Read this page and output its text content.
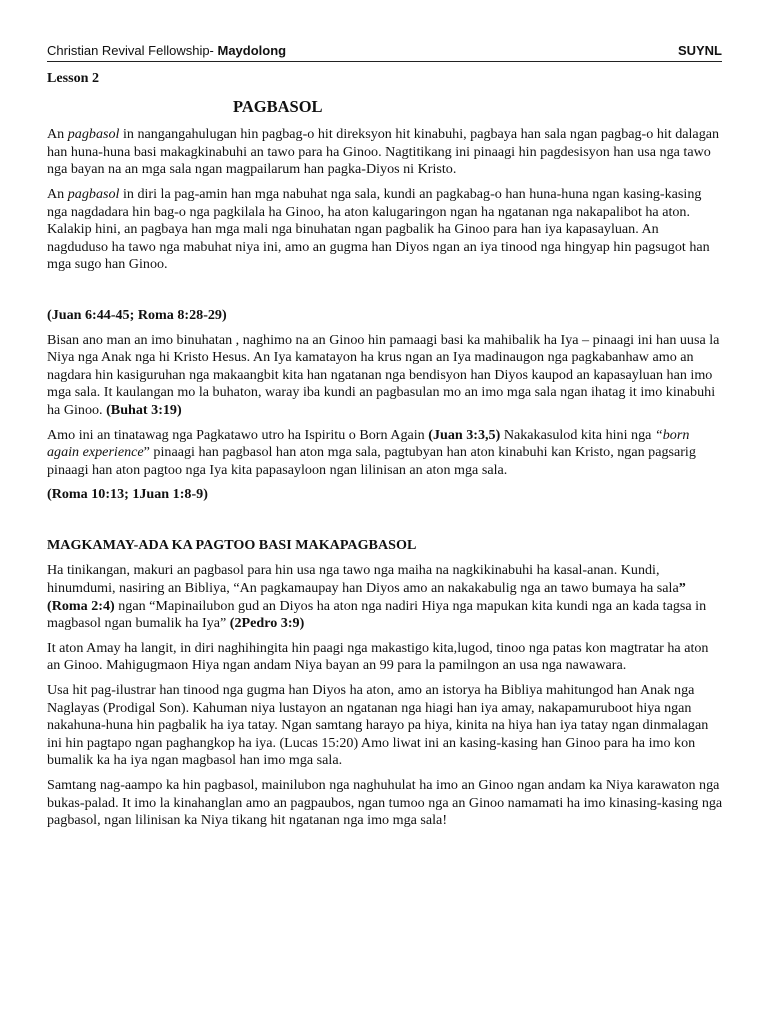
Christian Revival Fellowship- Maydolong	SUYNL

Lesson 2

PAGBASOL

An pagbasol in nangangahulugan hin pagbag-o hit direksyon hit kinabuhi, pagbaya han sala ngan pagbag-o hit dalagan han huna-huna basi makagkinabuhi an tawo para ha Ginoo. Nagtitikang ini pinaagi hin pagdesisyon han usa nga tawo nga bayan na an mga sala ngan magpailarum han pagka-Diyos ni Kristo.

An pagbasol in diri la pag-amin han mga nabuhat nga sala, kundi an pagkabag-o han huna-huna ngan kasing-kasing nga nagdadara hin bag-o nga pagkilala ha Ginoo, ha aton kalugaringon ngan ha ngatanan nga nakapalibot ha aton. Kalakip hini, an pagbaya han mga mali nga binuhatan ngan pagbalik ha Ginoo para han iya kapasayluan. An nagduduso ha tawo nga mabuhat niya ini, amo an gugma han Diyos ngan an iya tinood nga hingyap hin pagsugot han mga sugo han Ginoo.

(Juan 6:44-45; Roma 8:28-29)

Bisan ano man an imo binuhatan , naghimo na an Ginoo hin pamaagi basi ka mahibalik ha Iya – pinaagi ini han uusa la Niya nga Anak nga hi Kristo Hesus. An Iya kamatayon ha krus ngan an Iya madinaugon nga pagkabanhaw amo an nagdara hin kasiguruhan nga makaangbit kita han ngatanan nga bendisyon han Diyos kaupod an kapasayluan han imo mga sala. It kaulangan mo la buhaton, waray iba kundi an pagbasulan mo an imo mga sala ngan ihatag it imo kinabuhi ha Ginoo. (Buhat 3:19)

Amo ini an tinatawag nga Pagkatawo utro ha Ispiritu o Born Again (Juan 3:3,5) Nakakasulod kita hini nga “born again experience” pinaagi han pagbasol han aton mga sala, pagtubyan han aton kinabuhi kan Kristo, ngan pagsarig pinaagi han aton pagtoo nga Iya kita papasayloon ngan lilinisan an aton mga sala.

(Roma 10:13; 1Juan 1:8-9)

MAGKAMAY-ADA KA PAGTOO BASI MAKAPAGBASOL

Ha tinikangan, makuri an pagbasol para hin usa nga tawo nga maiha na nagkikinabuhi ha kasal-anan. Kundi, hinumdumi, nasiring an Bibliya, “An pagkamaupay han Diyos amo an nakakabulig nga an tawo bumaya ha sala” (Roma 2:4) ngan “Mapinailubon gud an Diyos ha aton nga nadiri Hiya nga mapukan kita kundi nga an kada tagsa in magbasol ngan bumalik ha Iya” (2Pedro 3:9)

It aton Amay ha langit, in diri naghihingita hin paagi nga makastigo kita,lugod, tinoo nga patas kon magtratar ha aton an Ginoo. Mahigugmaon Hiya ngan andam Niya bayan an 99 para la pamilngon an usa nga nawawara.

Usa hit pag-ilustrar han tinood nga gugma han Diyos ha aton, amo an istorya ha Bibliya mahitungod han Anak nga Naglayas (Prodigal Son). Kahuman niya lustayon an ngatanan nga hiagi han iya amay, nakapamuruboot hiya ngan nakahuna-huna hin pagbalik ha iya tatay. Ngan samtang harayo pa hiya, kinita na hiya han iya tatay ngan dinmalagan ini hin pagtapo ngan paghangkop ha iya. (Lucas 15:20) Amo liwat ini an kasing-kasing han Ginoo para ha imo kon bumalik ka ha iya ngan magbasol han imo mga sala.

Samtang nag-aampo ka hin pagbasol, mainilubon nga naghuhulat ha imo an Ginoo ngan andam ka Niya karawaton nga bukas-palad. It imo la kinahanglan amo an pagpaubos, ngan tumoo nga an Ginoo namamati ha imo kinasing-kasing nga pagbasol, ngan lilinisan ka Niya tikang hit ngatanan nga imo mga sala!
